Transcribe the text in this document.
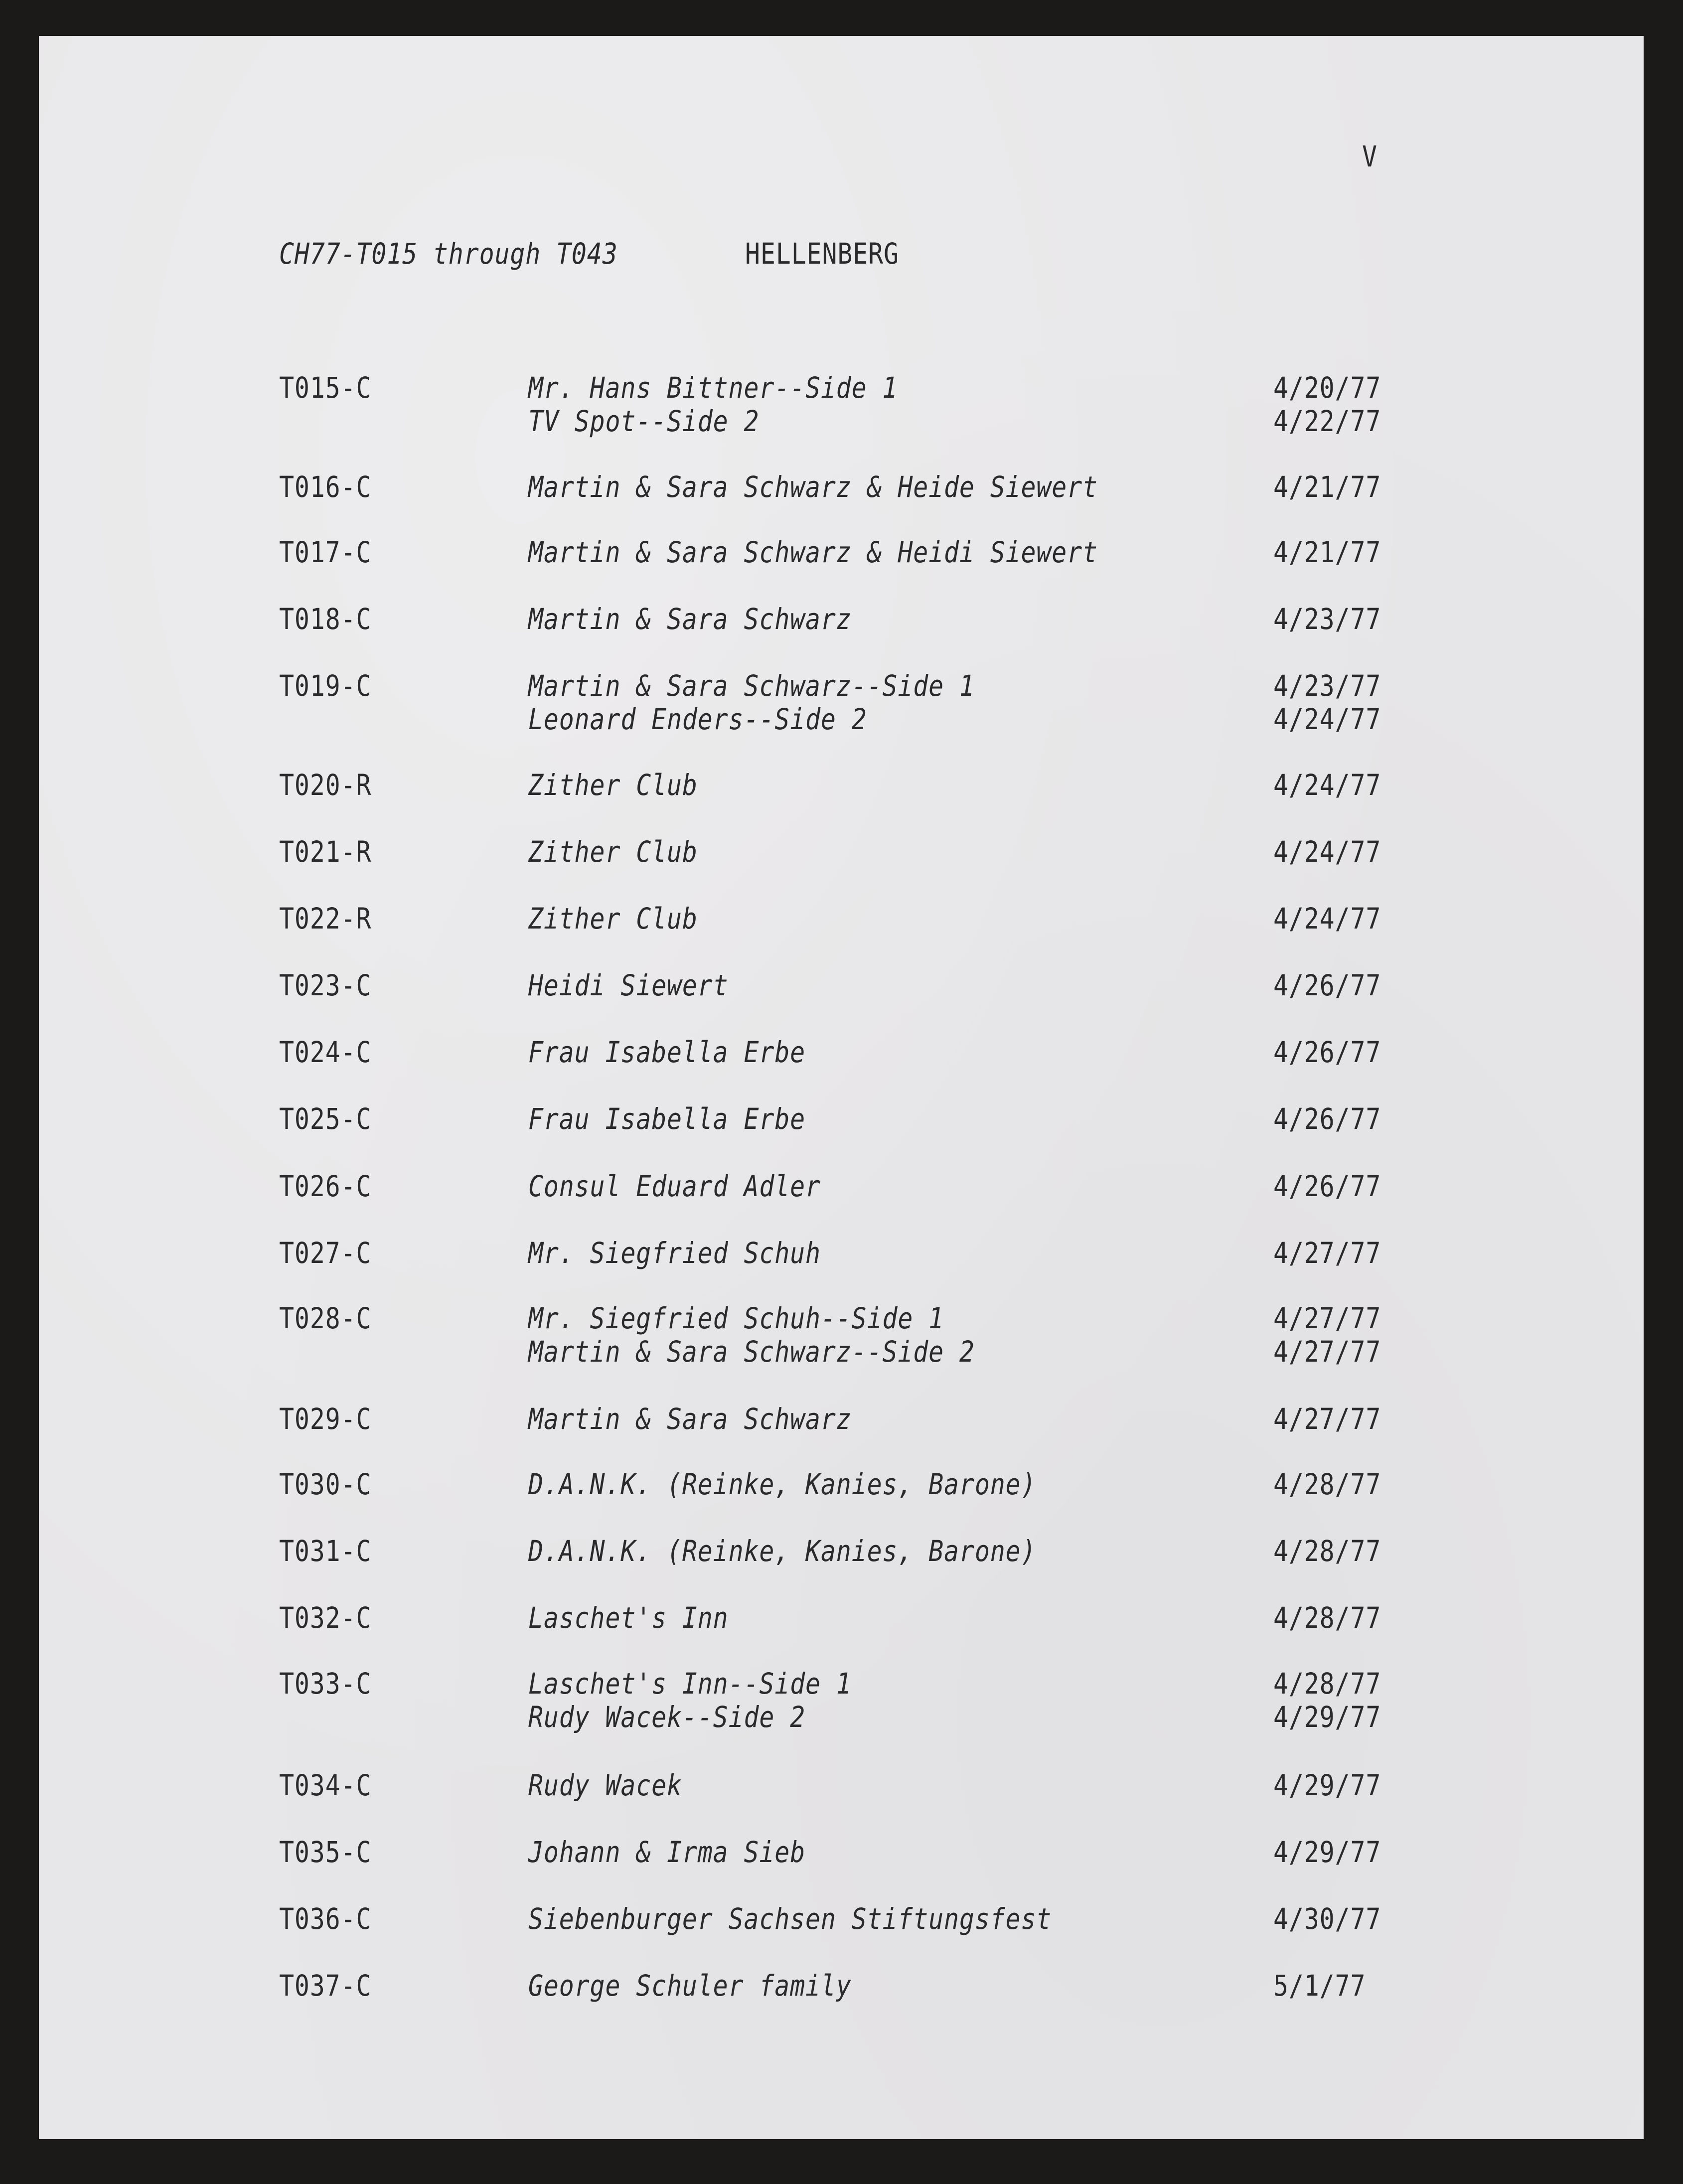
V
CH77-T015 through T043	HELLENBERG
T015-C	Mr. Hans Bittner--Side 1	4/20/77
TV Spot--Side 2	4/22/77
T016-C	Martin & Sara Schwarz & Heide Siewert	4/21/77
T017-C	Martin & Sara Schwarz & Heidi Siewert	4/21/77
T018-C	Martin & Sara Schwarz	4/23/77
T019-C	Martin & Sara Schwarz--Side 1	4/23/77
Leonard Enders--Side 2	4/24/77
T020-R	Zither Club	4/24/77
T021-R	Zither Club	4/24/77
T022-R	Zither Club	4/24/77
T023-C	Heidi Siewert	4/26/77
T024-C	Frau Isabella Erbe	4/26/77
T025-C	Frau Isabella Erbe	4/26/77
T026-C	Consul Eduard Adler	4/26/77
T027-C	Mr. Siegfried Schuh	4/27/77
T028-C	Mr. Siegfried Schuh--Side 1	4/27/77
Martin & Sara Schwarz--Side 2	4/27/77
T029-C	Martin & Sara Schwarz	4/27/77
T030-C	D.A.N.K. (Reinke, Kanies, Barone)	4/28/77
T031-C	D.A.N.K. (Reinke, Kanies, Barone)	4/28/77
T032-C	Laschet's Inn	4/28/77
T033-C	Laschet's Inn--Side 1	4/28/77
Rudy Wacek--Side 2	4/29/77
T034-C	Rudy Wacek	4/29/77
T035-C	Johann & Irma Sieb	4/29/77
T036-C	Siebenburger Sachsen Stiftungsfest	4/30/77
T037-C	George Schuler family	5/1/77
